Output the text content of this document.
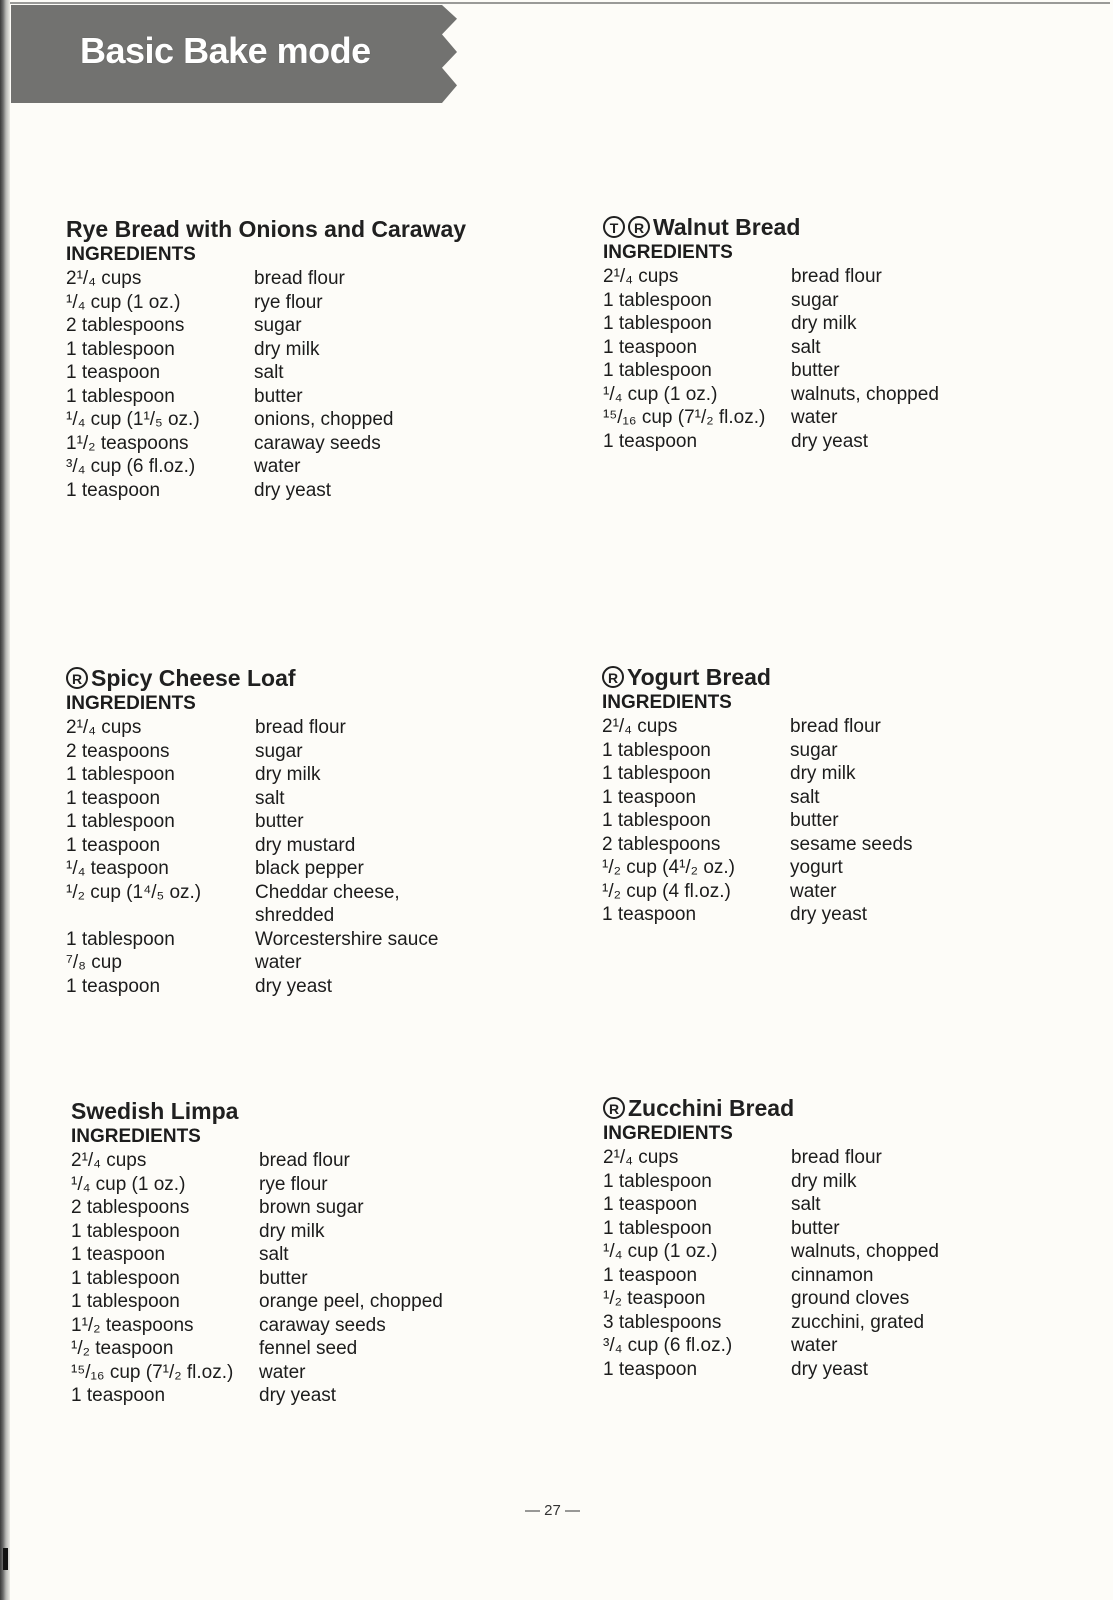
Basic Bake mode
Rye Bread with Onions and Caraway
INGREDIENTS
2¹/₄ cups	bread flour
¹/₄ cup (1 oz.)	rye flour
2 tablespoons	sugar
1 tablespoon	dry milk
1 teaspoon	salt
1 tablespoon	butter
¹/₄ cup (1¹/₅ oz.)	onions, chopped
1¹/₂ teaspoons	caraway seeds
³/₄ cup (6 fl.oz.)	water
1 teaspoon	dry yeast
T R Walnut Bread
INGREDIENTS
2¹/₄ cups	bread flour
1 tablespoon	sugar
1 tablespoon	dry milk
1 teaspoon	salt
1 tablespoon	butter
¹/₄ cup (1 oz.)	walnuts, chopped
¹⁵/₁₆ cup (7¹/₂ fl.oz.)	water
1 teaspoon	dry yeast
R Spicy Cheese Loaf
INGREDIENTS
2¹/₄ cups	bread flour
2 teaspoons	sugar
1 tablespoon	dry milk
1 teaspoon	salt
1 tablespoon	butter
1 teaspoon	dry mustard
¹/₄ teaspoon	black pepper
¹/₂ cup (1⁴/₅ oz.)	Cheddar cheese,
shredded
1 tablespoon	Worcestershire sauce
⁷/₈ cup	water
1 teaspoon	dry yeast
R Yogurt Bread
INGREDIENTS
2¹/₄ cups	bread flour
1 tablespoon	sugar
1 tablespoon	dry milk
1 teaspoon	salt
1 tablespoon	butter
2 tablespoons	sesame seeds
¹/₂ cup (4¹/₂ oz.)	yogurt
¹/₂ cup (4 fl.oz.)	water
1 teaspoon	dry yeast
Swedish Limpa
INGREDIENTS
2¹/₄ cups	bread flour
¹/₄ cup (1 oz.)	rye flour
2 tablespoons	brown sugar
1 tablespoon	dry milk
1 teaspoon	salt
1 tablespoon	butter
1 tablespoon	orange peel, chopped
1¹/₂ teaspoons	caraway seeds
¹/₂ teaspoon	fennel seed
¹⁵/₁₆ cup (7¹/₂ fl.oz.)	water
1 teaspoon	dry yeast
R Zucchini Bread
INGREDIENTS
2¹/₄ cups	bread flour
1 tablespoon	dry milk
1 teaspoon	salt
1 tablespoon	butter
¹/₄ cup (1 oz.)	walnuts, chopped
1 teaspoon	cinnamon
¹/₂ teaspoon	ground cloves
3 tablespoons	zucchini, grated
³/₄ cup (6 fl.oz.)	water
1 teaspoon	dry yeast
— 27 —
